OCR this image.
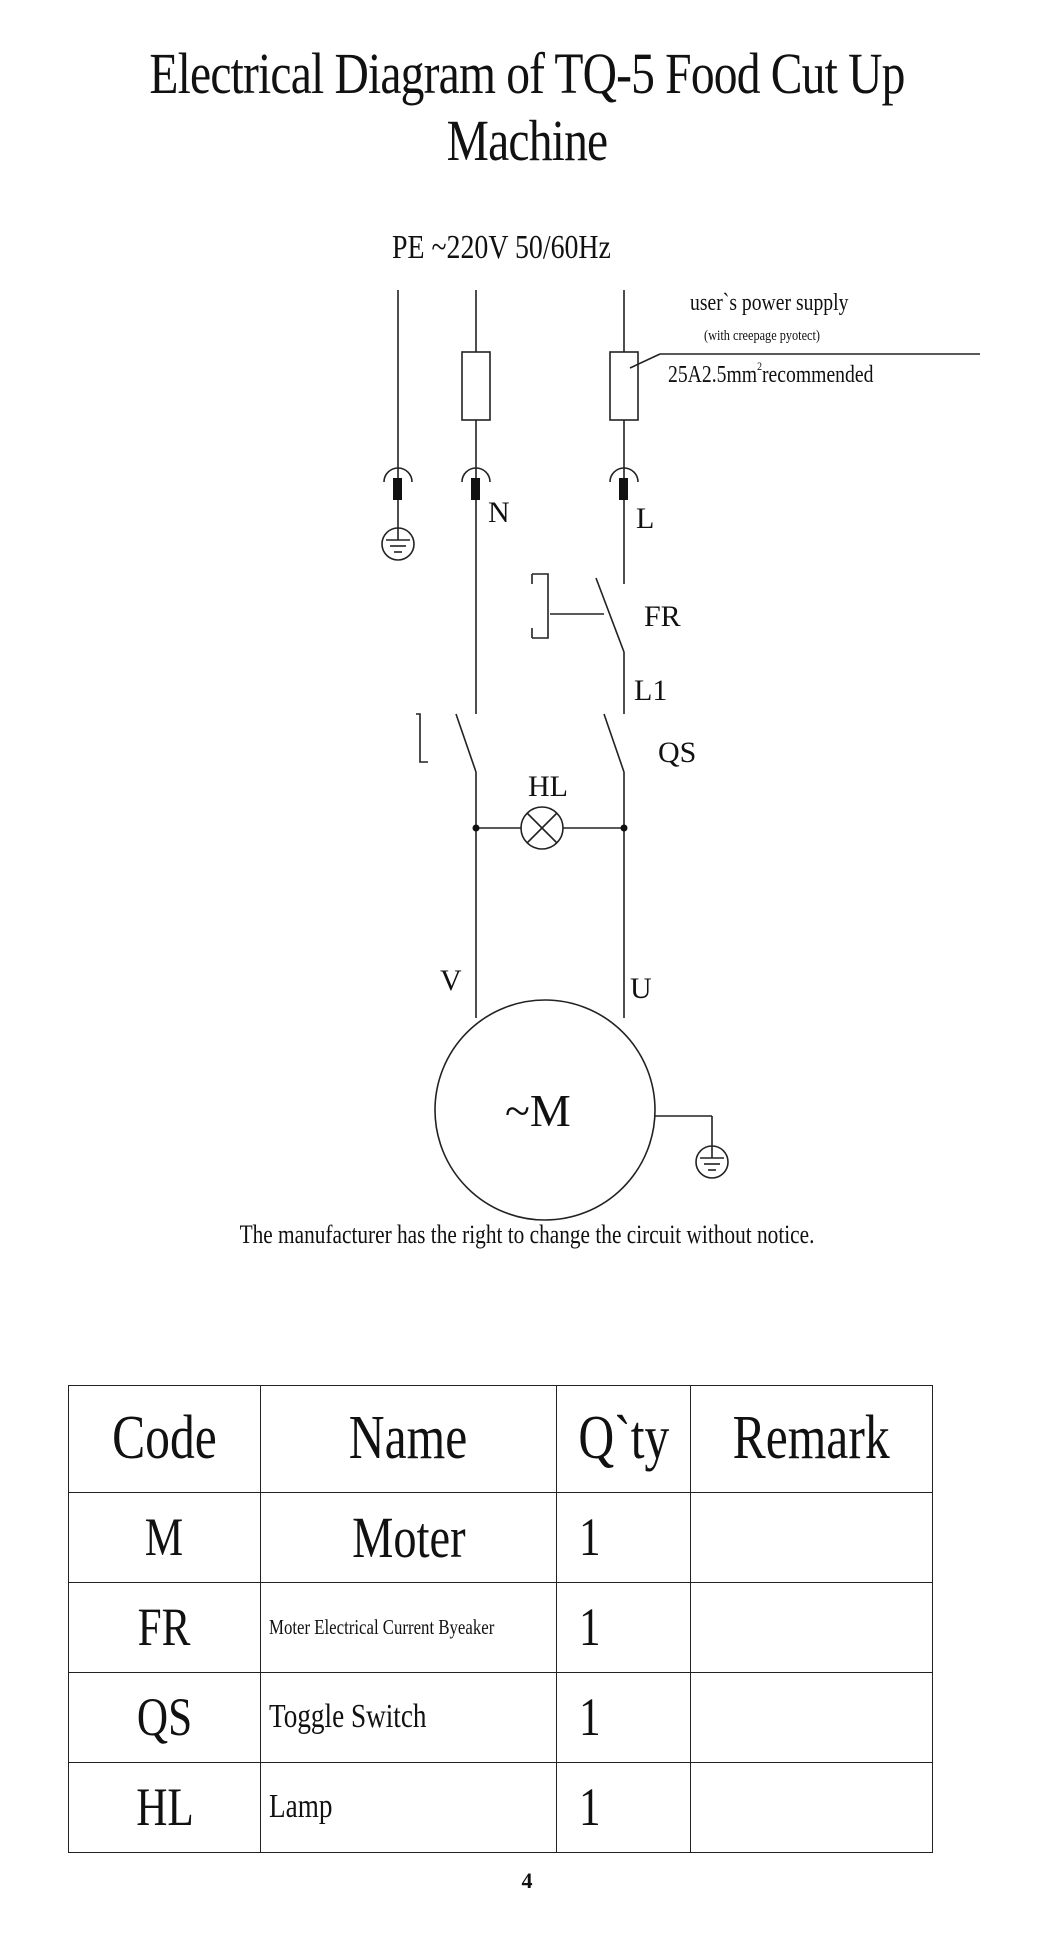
Electrical Diagram of TQ-5 Food Cut Up Machine
PE ~220V 50/60Hz
user`s power supply
(with creepage pyotect)
$25A2.5mm^2recommended$
N	L
FR
L1
QS
HL
V	U
~M
The manufacturer has the right to change the circuit without notice.
Code	Name	Q`ty	Remark
M	Moter	1	
FR	Moter Electrical Current Byeaker	1	
QS	Toggle Switch	1	
HL	Lamp	1	
4
